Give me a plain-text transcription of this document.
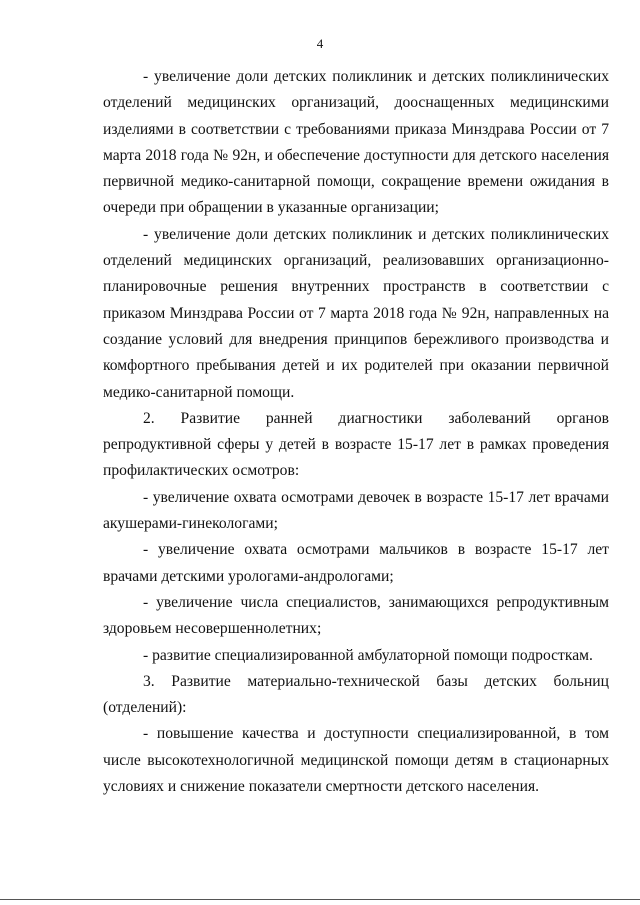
4

- увеличение доли детских поликлиник и детских поликлинических отделений медицинских организаций, дооснащенных медицинскими изделиями в соответствии с требованиями приказа Минздрава России от 7 марта 2018 года № 92н, и обеспечение доступности для детского населения первичной медико-санитарной помощи, сокращение времени ожидания в очереди при обращении в указанные организации;

- увеличение доли детских поликлиник и детских поликлинических отделений медицинских организаций, реализовавших организационно-планировочные решения внутренних пространств в соответствии с приказом Минздрава России от 7 марта 2018 года № 92н, направленных на создание условий для внедрения принципов бережливого производства и комфортного пребывания детей и их родителей при оказании первичной медико-санитарной помощи.

2. Развитие ранней диагностики заболеваний органов репродуктивной сферы у детей в возрасте 15-17 лет в рамках проведения профилактических осмотров:

- увеличение охвата осмотрами девочек в возрасте 15-17 лет врачами акушерами-гинекологами;

- увеличение охвата осмотрами мальчиков в возрасте 15-17 лет врачами детскими урологами-андрологами;

- увеличение числа специалистов, занимающихся репродуктивным здоровьем несовершеннолетних;

- развитие специализированной амбулаторной помощи подросткам.

3. Развитие материально-технической базы детских больниц (отделений):

- повышение качества и доступности специализированной, в том числе высокотехнологичной медицинской помощи детям в стационарных условиях и снижение показатели смертности детского населения.
